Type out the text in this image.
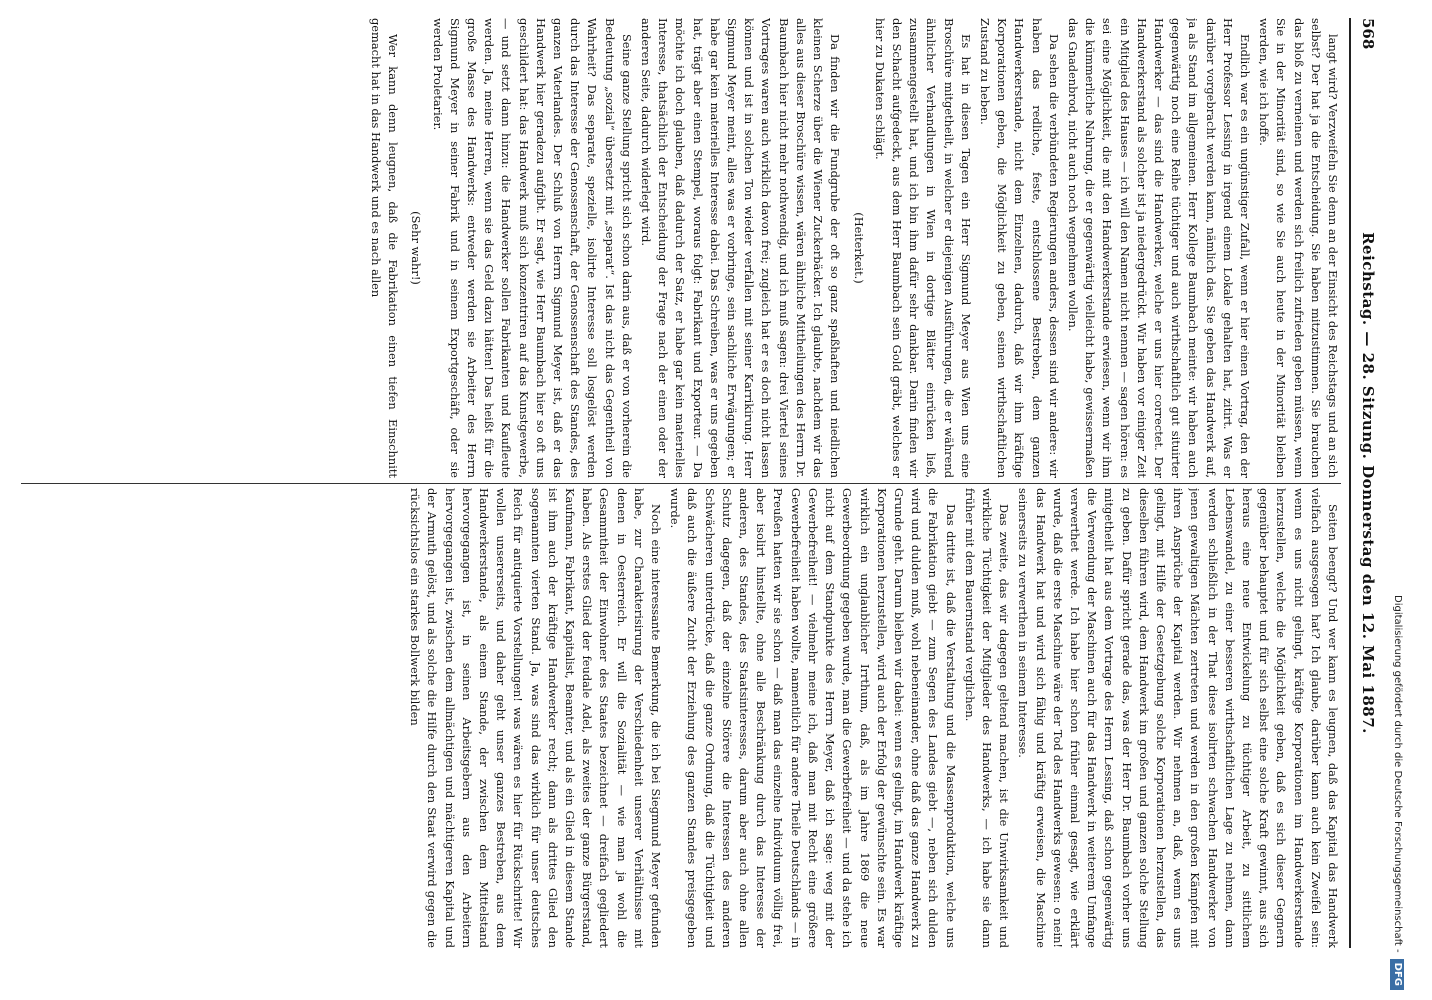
568
Reichstag. — 28. Sitzung. Donnerstag den 12. Mai 1887.

langt wird? Verzweifeln Sie denn an der Einsicht des Reichstags und an sich selbst? Der hat ja die Entscheidung. Sie haben mitzustimmen. Sie brauchen das bloß zu verneinen und werden sich freilich zufrieden geben müssen, wenn Sie in der Minorität sind, so wie Sie auch heute in der Minorität bleiben werden, wie ich hoffe.

Endlich war es ein ungünstiger Zufall, wenn er hier einen Vortrag, den der Herr Professor Lessing in irgend einem Lokale gehalten hat, zitirt. Was er darüber vorgebracht werden kann, nämlich das. Sie geben das Handwerk auf, ja als Stand im allgemeinen. Herr Kollege Baumbach meinte: wir haben auch gegenwärtig noch eine Reihe tüchtiger und auch wirthschaftlich gut situirter Handwerker — das sind die Handwerker, welche er uns hier correctet. Der Handwerkerstand als solcher ist ja niedergedrückt. Wir haben vor einiger Zeit ein Mitglied des Hauses — ich will den Namen nicht nennen — sagen hören: es sei eine Möglichkeit, die mit den Handwerkerstande erwiesen, wenn wir ihm die kümmerliche Nahrung, die er gegenwärtig vielleicht habe, gewissermaßen das Gnadenbrod, nicht auch noch wegnehmen wollen.

Da sehen die verbündeten Regierungen anders, dessen sind wir andere: wir haben das redliche, feste, entschlossene Bestreben, dem ganzen Handwerkerstande, nicht dem Einzelnen, dadurch, daß wir ihm kräftige Korporationen geben, die Möglichkeit zu geben, seinen wirthschaftlichen Zustand zu heben.

Es hat in diesen Tagen ein Herr Sigmund Meyer aus Wien uns eine Broschüre mitgetheilt, in welcher er diejenigen Ausführungen, die er während ähnlicher Verhandlungen in Wien in dortige Blätter einrücken ließ, zusammengestellt hat, und ich bin ihm dafür sehr dankbar. Darin finden wir den Schacht aufgedeckt, aus dem Herr Baumbach sein Gold gräbt, welches er hier zu Dukaten schlägt.

(Heiterkeit.)

Da finden wir die Fundgrube der oft so ganz spaßhaften und niedlichen kleinen Scherze über die Wiener Zuckerbäcker. Ich glaubte, nachdem wir das alles aus dieser Broschüre wissen, wären ähnliche Mittheilungen des Herrn Dr. Baumbach hier nicht mehr nothwendig, und ich muß sagen: drei Viertel seines Vortrages waren auch wirklich davon frei; zugleich hat er es doch nicht lassen können und ist in solchen Ton wieder verfallen mit seiner Karrikirung. Herr Sigmund Meyer meint, alles was er vorbringe, sein sachliche Erwägungen; er habe gar kein materielles Interesse dabei. Das Schreiben, was er uns gegeben hat, trägt aber einen Stempel, woraus folgt: Fabrikant und Exporteur. — Da möchte ich doch glauben, daß dadurch der Satz, er habe gar kein materielles Interesse, thatsächlich der Entscheidung der Frage nach der einen oder der anderen Seite, dadurch widerlegt wird.

Seine ganze Stellung spricht sich schon darin aus, daß er von vorherein die Bedeutung „sozial“ übersetzt mit „separat“. Ist das nicht das Gegentheil von Wahrheit? Das separate, spezielle, isolirte Interesse soll losgelöst werden durch das Interesse der Genossenschaft, der Genossenschaft des Standes, des ganzen Vaterlandes. Der Schluß von Herrn Sigmund Meyer ist, daß er das Handwerk hier geradezu aufgibt. Er sagt, wie Herr Baumbach hier so oft uns geschildert hat: das Handwerk muß sich konzentriren auf das Kunstgewerbe, — und setzt dann hinzu: die Handwerker sollen Fabrikanten und Kaufleute werden. Ja, meine Herren, wenn sie das Geld dazu hätten! Das heißt für die große Masse des Handwerks: entweder werden sie Arbeiter des Herrn Sigmund Meyer in seiner Fabrik und in seinem Exportgeschäft, oder sie werden Proletarier.

(Sehr wahr!)

Wer kann denn leugnen, daß die Fabrikation einen tiefen Einschnitt gemacht hat in das Handwerk und es nach allen

Seiten beengt? Und wer kann es leugnen, daß das Kapital das Handwerk vielfach ausgesogen hat? Ich glaube, darüber kann auch kein Zweifel sein: wenn es uns nicht gelingt, kräftige Korporationen im Handwerkerstande herzustellen, welche die Möglichkeit geben, daß es sich dieser Gegnern gegenüber behauptet und für sich selbst eine solche Kraft gewinnt, aus sich heraus eine neue Entwickelung zu tüchtiger Arbeit, zu sittlichem Lebenswandel, zu einer besseren wirthschaftlichen Lage zu nehmen, dann werden schließlich in der That diese isolirten schwachen Handwerker von jenen gewaltigen Mächten zertreten und werden in den großen Kämpfen mit ihren Ansprüche der Kapital werden. Wir nehmen an, daß, wenn es uns gelingt, mit Hilfe der Gesetzgebung solche Korporationen herzustellen, das dieselben führen wird, dem Handwerk im großen und ganzen solche Stellung zu geben. Dafür spricht gerade das, was der Herr Dr. Baumbach vorher uns mitgetheilt hat aus dem Vortrage des Herrn Lessing, daß schon gegenwärtig die Verwendung der Maschinen auch für das Handwerk in weiterem Umfange verwerthet werde. Ich habe hier schon früher einmal gesagt, wie erklärt wurde, daß die erste Maschine wäre der Tod des Handwerks gewesen: o nein! das Handwerk hat und wird sich fähig und kräftig erweisen, die Maschine seinerseits zu verwerthen in seinem Interesse.

Das zweite, das wir dagegen geltend machen, ist die Unwirksamkeit und wirkliche Tüchtigkeit der Mitglieder des Handwerks, — ich habe sie dann früher mit dem Bauernstand verglichen.

Das dritte ist, daß die Verstaltung und die Massenproduktion, welche uns die Fabrikation giebt — zum Segen des Landes giebt —, neben sich dulden wird und dulden muß, wohl nebeneinander, ohne daß das ganze Handwerk zu Grunde geht. Darum bleiben wir dabei: wenn es gelingt, im Handwerk kräftige Korporationen herzustellen, wird auch der Erfolg der gewünschte sein. Es war wirklich ein unglaublicher Irrthum, daß, als im Jahre 1869 die neue Gewerbeordnung gegeben wurde, man die Gewerbefreiheit — und da stehe ich nicht auf dem Standpunkte des Herrn Meyer, daß ich sage: weg mit der Gewerbefreiheit! — vielmehr meine ich, daß man mit Recht eine größere Gewerbefreiheit haben wollte, namentlich für andere Theile Deutschlands — in Preußen hatten wir sie schon — daß man das einzelne Individuum völlig frei, aber isolirt hinstellte, ohne alle Beschränkung durch das Interesse der anderen, des Standes, des Staatsinteresses, darum aber auch ohne allen Schutz dagegen, daß der einzelne Störere die Interessen des anderen Schwächeren unterdrücke, daß die ganze Ordnung, daß die Tüchtigkeit und daß auch die äußere Zucht der Erziehung des ganzen Standes preisgegeben wurde.

Noch eine interessante Bemerkung, die ich bei Siegmund Meyer gefunden habe, zur Charakterisirung der Verschiedenheit unserer Verhältnisse mit denen in Oesterreich. Er will die Sozialität — wie man ja wohl die Gesammtheit der Einwohner des Staates bezeichnet — dreifach gegliedert haben. Als erstes Glied der feudale Adel, als zweites der ganze Bürgerstand, Kaufmann, Fabrikant, Kapitalist, Beamter, und als ein Glied in diesem Stande ist ihm auch der kräftige Handwerker recht; dann als drittes Glied den sogenannten vierten Stand. Ja, was sind das wirklich für unser deutsches Reich für antiquierte Vorstellungen! was wären es hier für Rückschritte! Wir wollen unsererseits, und daher geht unser ganzes Bestreben, aus dem Handwerkerstande, als einem Stande, der zwischen dem Mittelstand hervorgegangen ist, in seinen Arbeitsgebern aus den Arbeitern hervorgegangen ist, zwischen dem allmächtigen und mächtigeren Kapital und der Armuth gelöst, und als solche die Hilfe durch den Staat verwird gegen die rücksichtslos ein starkes Bollwerk bilden	Digitalisierung gefördert durch die Deutsche Forschungsgemeinschaft -
DFG
